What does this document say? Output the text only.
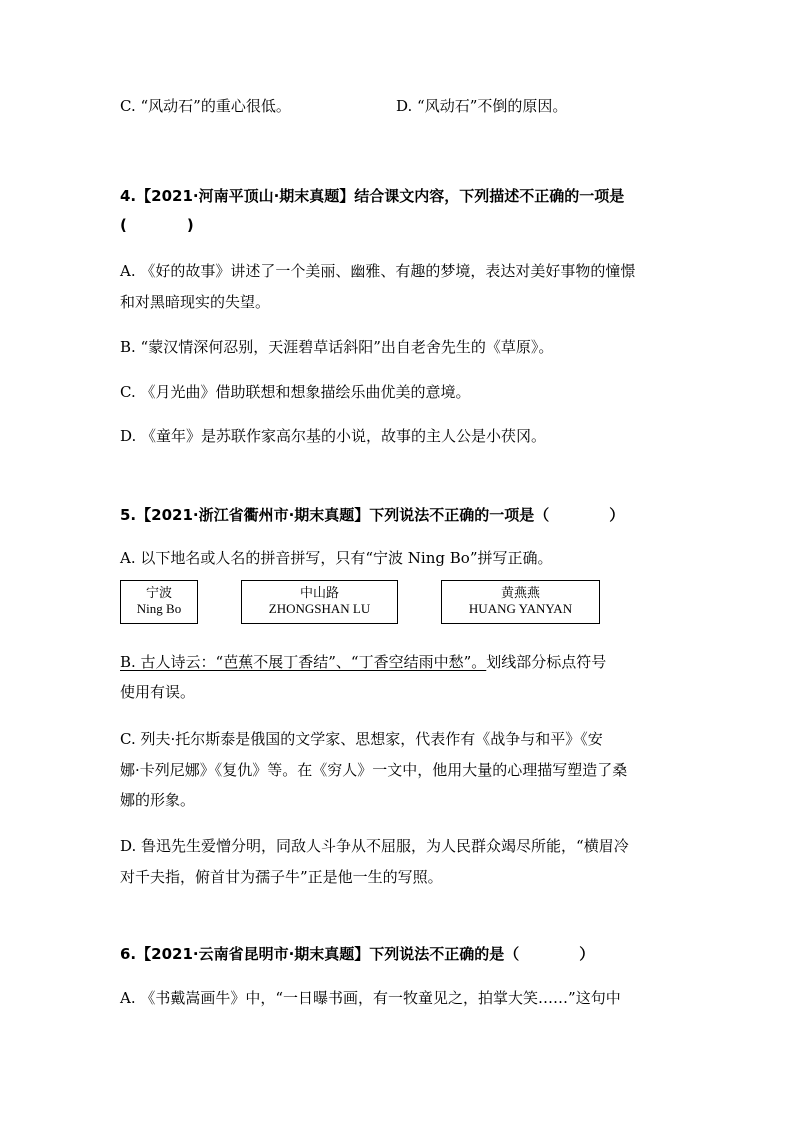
C. “风动石”的重心很低。	D. “风动石”不倒的原因。
4.【2021·河南平顶山·期末真题】结合课文内容，下列描述不正确的一项是
(　　　　)
A. 《好的故事》讲述了一个美丽、幽雅、有趣的梦境，表达对美好事物的憧憬
和对黑暗现实的失望。
B. “蒙汉情深何忍别，天涯碧草话斜阳”出自老舍先生的《草原》。
C. 《月光曲》借助联想和想象描绘乐曲优美的意境。
D. 《童年》是苏联作家高尔基的小说，故事的主人公是小茯冈。
5.【2021·浙江省衢州市·期末真题】下列说法不正确的一项是（　　　　）
A. 以下地名或人名的拼音拼写，只有“宁波 Ning Bo”拼写正确。
宁波
Ning Bo
中山路
ZHONGSHAN LU
黄燕燕
HUANG YANYAN
B. 古人诗云：“芭蕉不展丁香结”、“丁香空结雨中愁”。划线部分标点符号
使用有误。
C. 列夫·托尔斯泰是俄国的文学家、思想家，代表作有《战争与和平》《安
娜·卡列尼娜》《复仇》等。在《穷人》一文中，他用大量的心理描写塑造了桑
娜的形象。
D. 鲁迅先生爱憎分明，同敌人斗争从不屈服，为人民群众竭尽所能，“横眉冷
对千夫指，俯首甘为孺子牛”正是他一生的写照。
6.【2021·云南省昆明市·期末真题】下列说法不正确的是（　　　　）
A. 《书戴嵩画牛》中，“一日曝书画，有一牧童见之，拍掌大笑……”这句中
